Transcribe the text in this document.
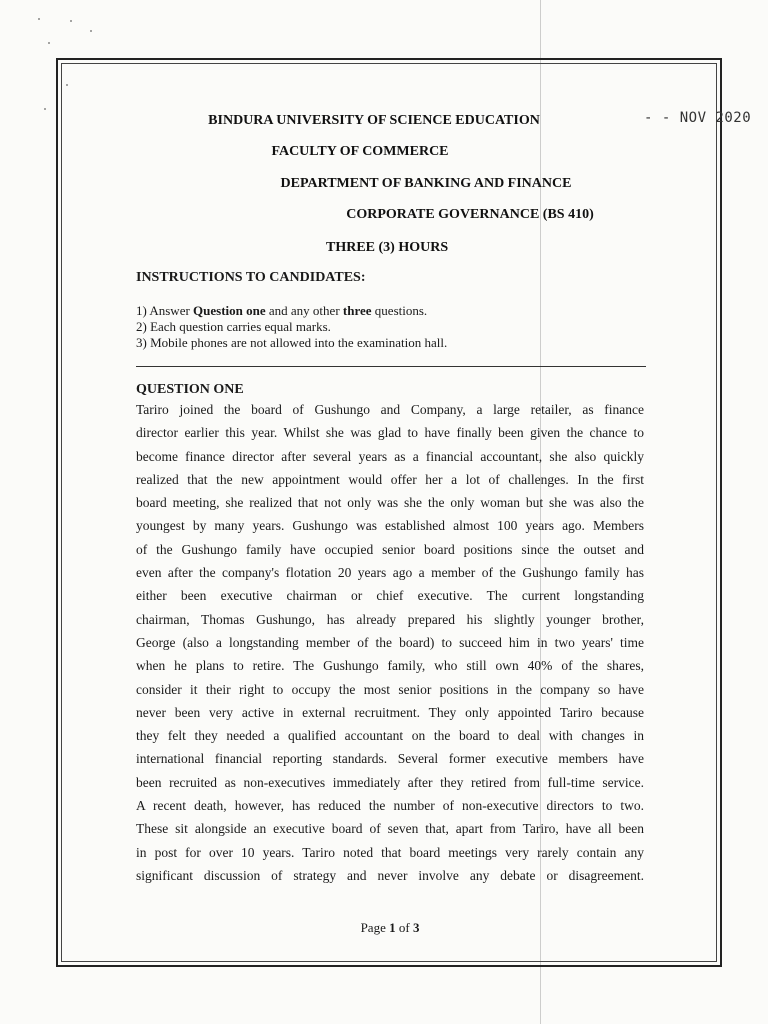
- - NOV 2020
BINDURA UNIVERSITY OF SCIENCE EDUCATION
FACULTY OF COMMERCE
DEPARTMENT OF BANKING AND FINANCE
CORPORATE GOVERNANCE (BS 410)
THREE (3) HOURS
INSTRUCTIONS TO CANDIDATES:
1) Answer Question one and any other three questions.
2) Each question carries equal marks.
3) Mobile phones are not allowed into the examination hall.
QUESTION ONE
Tariro joined the board of Gushungo and Company, a large retailer, as finance
director earlier this year. Whilst she was glad to have finally been given the chance to
become finance director after several years as a financial accountant, she also quickly
realized that the new appointment would offer her a lot of challenges. In the first
board meeting, she realized that not only was she the only woman but she was also the
youngest by many years. Gushungo was established almost 100 years ago. Members
of the Gushungo family have occupied senior board positions since the outset and
even after the company's flotation 20 years ago a member of the Gushungo family has
either been executive chairman or chief executive. The current longstanding
chairman, Thomas Gushungo, has already prepared his slightly younger brother,
George (also a longstanding member of the board) to succeed him in two years' time
when he plans to retire. The Gushungo family, who still own 40% of the shares,
consider it their right to occupy the most senior positions in the company so have
never been very active in external recruitment. They only appointed Tariro because
they felt they needed a qualified accountant on the board to deal with changes in
international financial reporting standards. Several former executive members have
been recruited as non-executives immediately after they retired from full-time service.
A recent death, however, has reduced the number of non-executive directors to two.
These sit alongside an executive board of seven that, apart from Tariro, have all been
in post for over 10 years. Tariro noted that board meetings very rarely contain any
significant discussion of strategy and never involve any debate or disagreement.
Page 1 of 3
